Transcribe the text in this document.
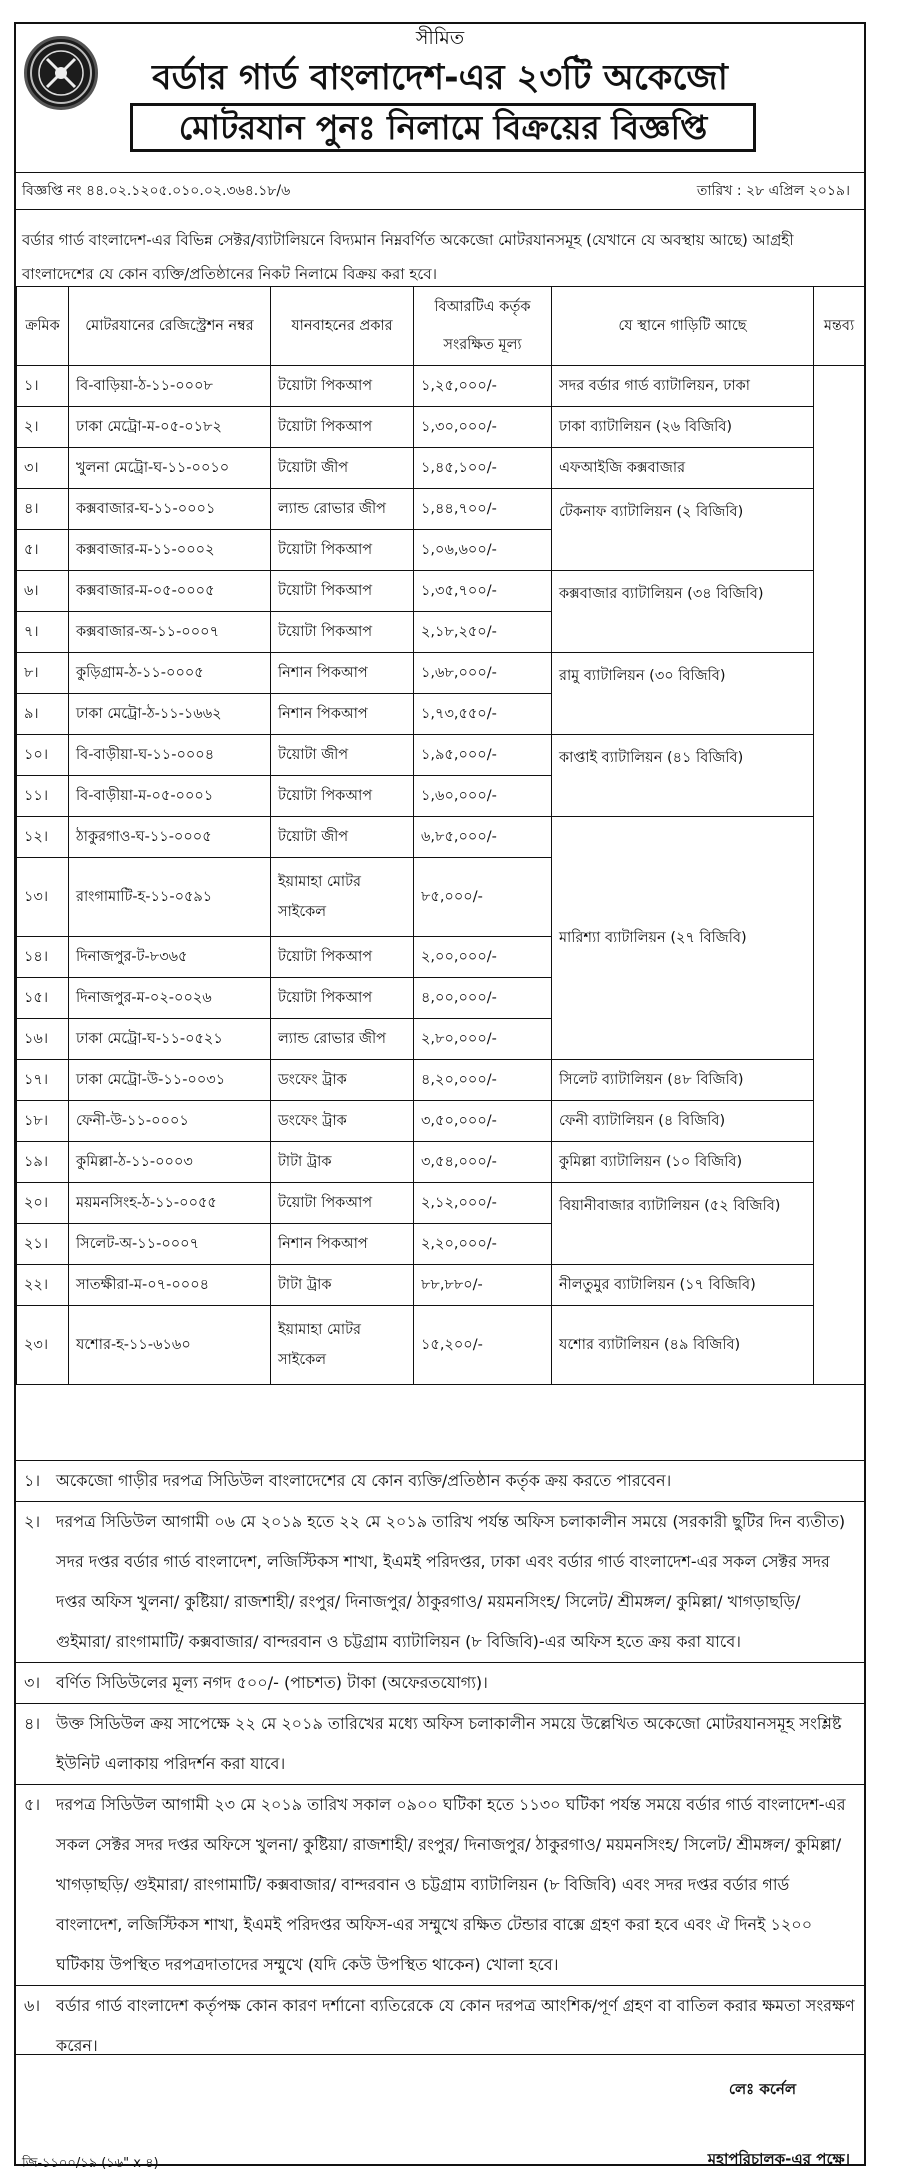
সীমিত
বর্ডার গার্ড বাংলাদেশ-এর ২৩টি অকেজো
মোটরযান পুনঃ নিলামে বিক্রয়ের বিজ্ঞপ্তি
বিজ্ঞপ্তি নং ৪৪.০২.১২০৫.০১০.০২.৩৬৪.১৮/৬	তারিখ : ২৮ এপ্রিল ২০১৯।
বর্ডার গার্ড বাংলাদেশ-এর বিভিন্ন সেক্টর/ব্যাটালিয়নে বিদ্যমান নিম্নবর্ণিত অকেজো মোটরযানসমূহ (যেখানে যে অবস্থায় আছে) আগ্রহী বাংলাদেশের যে কোন ব্যক্তি/প্রতিষ্ঠানের নিকট নিলামে বিক্রয় করা হবে।
ক্রমিক	মোটরযানের রেজিস্ট্রেশন নম্বর	যানবাহনের প্রকার	বিআরটিএ কর্তৃক সংরক্ষিত মূল্য	যে স্থানে গাড়িটি আছে	মন্তব্য
১।	বি-বাড়িয়া-ঠ-১১-০০০৮	টয়োটা পিকআপ	১,২৫,০০০/-	সদর বর্ডার গার্ড ব্যাটালিয়ন, ঢাকা	
২।	ঢাকা মেট্রো-ম-০৫-০১৮২	টয়োটা পিকআপ	১,৩০,০০০/-	ঢাকা ব্যাটালিয়ন (২৬ বিজিবি)	
৩।	খুলনা মেট্রো-ঘ-১১-০০১০	টয়োটা জীপ	১,৪৫,১০০/-	এফআইজি কক্সবাজার	
৪।	কক্সবাজার-ঘ-১১-০০০১	ল্যান্ড রোভার জীপ	১,৪৪,৭০০/-	টেকনাফ ব্যাটালিয়ন (২ বিজিবি)	
৫।	কক্সবাজার-ম-১১-০০০২	টয়োটা পিকআপ	১,০৬,৬০০/-		
৬।	কক্সবাজার-ম-০৫-০০০৫	টয়োটা পিকআপ	১,৩৫,৭০০/-	কক্সবাজার ব্যাটালিয়ন (৩৪ বিজিবি)	
৭।	কক্সবাজার-অ-১১-০০০৭	টয়োটা পিকআপ	২,১৮,২৫০/-		
৮।	কুড়িগ্রাম-ঠ-১১-০০০৫	নিশান পিকআপ	১,৬৮,০০০/-	রামু ব্যাটালিয়ন (৩০ বিজিবি)	
৯।	ঢাকা মেট্রো-ঠ-১১-১৬৬২	নিশান পিকআপ	১,৭৩,৫৫০/-		
১০।	বি-বাড়ীয়া-ঘ-১১-০০০৪	টয়োটা জীপ	১,৯৫,০০০/-	কাপ্তাই ব্যাটালিয়ন (৪১ বিজিবি)	
১১।	বি-বাড়ীয়া-ম-০৫-০০০১	টয়োটা পিকআপ	১,৬০,০০০/-		
১২।	ঠাকুরগাও-ঘ-১১-০০০৫	টয়োটা জীপ	৬,৮৫,০০০/-	মারিশ্যা ব্যাটালিয়ন (২৭ বিজিবি)	
১৩।	রাংগামাটি-হ-১১-০৫৯১	ইয়ামাহা মোটর সাইকেল	৮৫,০০০/-		
১৪।	দিনাজপুর-ট-৮৩৬৫	টয়োটা পিকআপ	২,০০,০০০/-		
১৫।	দিনাজপুর-ম-০২-০০২৬	টয়োটা পিকআপ	৪,০০,০০০/-		
১৬।	ঢাকা মেট্রো-ঘ-১১-০৫২১	ল্যান্ড রোভার জীপ	২,৮০,০০০/-		
১৭।	ঢাকা মেট্রো-উ-১১-০০৩১	ডংফেং ট্রাক	৪,২০,০০০/-	সিলেট ব্যাটালিয়ন (৪৮ বিজিবি)	
১৮।	ফেনী-উ-১১-০০০১	ডংফেং ট্রাক	৩,৫০,০০০/-	ফেনী ব্যাটালিয়ন (৪ বিজিবি)	
১৯।	কুমিল্লা-ঠ-১১-০০০৩	টাটা ট্রাক	৩,৫৪,০০০/-	কুমিল্লা ব্যাটালিয়ন (১০ বিজিবি)	
২০।	ময়মনসিংহ-ঠ-১১-০০৫৫	টয়োটা পিকআপ	২,১২,০০০/-	বিয়ানীবাজার ব্যাটালিয়ন (৫২ বিজিবি)	
২১।	সিলেট-অ-১১-০০০৭	নিশান পিকআপ	২,২০,০০০/-		
২২।	সাতক্ষীরা-ম-০৭-০০০৪	টাটা ট্রাক	৮৮,৮৮০/-	নীলতুমুর ব্যাটালিয়ন (১৭ বিজিবি)	
২৩।	যশোর-হ-১১-৬১৬০	ইয়ামাহা মোটর সাইকেল	১৫,২০০/-	যশোর ব্যাটালিয়ন (৪৯ বিজিবি)	
১। অকেজো গাড়ীর দরপত্র সিডিউল বাংলাদেশের যে কোন ব্যক্তি/প্রতিষ্ঠান কর্তৃক ক্রয় করতে পারবেন।
২। দরপত্র সিডিউল আগামী ০৬ মে ২০১৯ হতে ২২ মে ২০১৯ তারিখ পর্যন্ত অফিস চলাকালীন সময়ে (সরকারী ছুটির দিন ব্যতীত) সদর দপ্তর বর্ডার গার্ড বাংলাদেশ, লজিস্টিকস শাখা, ইএমই পরিদপ্তর, ঢাকা এবং বর্ডার গার্ড বাংলাদেশ-এর সকল সেক্টর সদর দপ্তর অফিস খুলনা/ কুষ্টিয়া/ রাজশাহী/ রংপুর/ দিনাজপুর/ ঠাকুরগাও/ ময়মনসিংহ/ সিলেট/ শ্রীমঙ্গল/ কুমিল্লা/ খাগড়াছড়ি/ গুইমারা/ রাংগামাটি/ কক্সবাজার/ বান্দরবান ও চট্টগ্রাম ব্যাটালিয়ন (৮ বিজিবি)-এর অফিস হতে ক্রয় করা যাবে।
৩। বর্ণিত সিডিউলের মূল্য নগদ ৫০০/- (পাচশত) টাকা (অফেরতযোগ্য)।
৪। উক্ত সিডিউল ক্রয় সাপেক্ষে ২২ মে ২০১৯ তারিখের মধ্যে অফিস চলাকালীন সময়ে উল্লেখিত অকেজো মোটরযানসমূহ সংশ্লিষ্ট ইউনিট এলাকায় পরিদর্শন করা যাবে।
৫। দরপত্র সিডিউল আগামী ২৩ মে ২০১৯ তারিখ সকাল ০৯০০ ঘটিকা হতে ১১৩০ ঘটিকা পর্যন্ত সময়ে বর্ডার গার্ড বাংলাদেশ-এর সকল সেক্টর সদর দপ্তর অফিসে খুলনা/ কুষ্টিয়া/ রাজশাহী/ রংপুর/ দিনাজপুর/ ঠাকুরগাও/ ময়মনসিংহ/ সিলেট/ শ্রীমঙ্গল/ কুমিল্লা/ খাগড়াছড়ি/ গুইমারা/ রাংগামাটি/ কক্সবাজার/ বান্দরবান ও চট্টগ্রাম ব্যাটালিয়ন (৮ বিজিবি) এবং সদর দপ্তর বর্ডার গার্ড বাংলাদেশ, লজিস্টিকস শাখা, ইএমই পরিদপ্তর অফিস-এর সম্মুখে রক্ষিত টেন্ডার বাক্সে গ্রহণ করা হবে এবং ঐ দিনই ১২০০ ঘটিকায় উপস্থিত দরপত্রদাতাদের সম্মুখে (যদি কেউ উপস্থিত থাকেন) খোলা হবে।
৬। বর্ডার গার্ড বাংলাদেশ কর্তৃপক্ষ কোন কারণ দর্শানো ব্যতিরেকে যে কোন দরপত্র আংশিক/পূর্ণ গ্রহণ বা বাতিল করার ক্ষমতা সংরক্ষণ করেন।
লেঃ কর্নেল
মহাপরিচালক-এর পক্ষে।
জি-১১০০/১৯ (১৬" x ৪)
